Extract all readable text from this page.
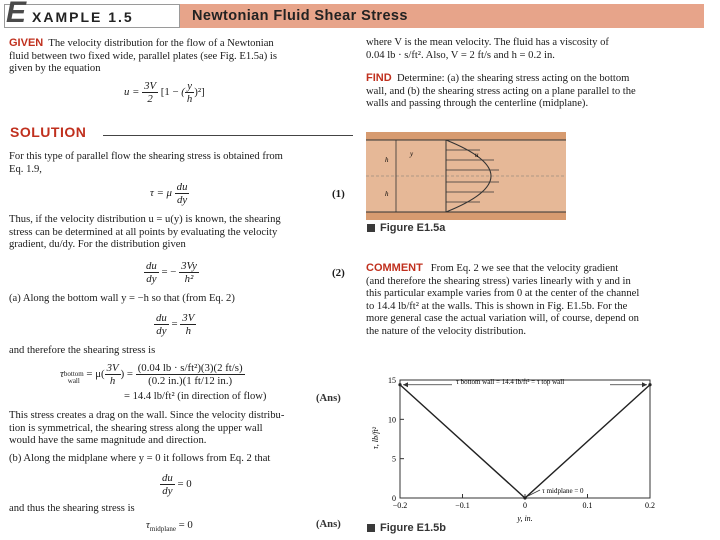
E XAMPLE 1.5	Newtonian Fluid Shear Stress
GIVEN The velocity distribution for the flow of a Newtonian
fluid between two fixed wide, parallel plates (see Fig. E1.5a) is
given by the equation
$u = \frac{3V}{2} [1$ − ( $\frac{y}{h} )^2$]
SOLUTION
For this type of parallel flow the shearing stress is obtained from
Eq. 1.9,
τ = μ $\frac{du}{dy}$	(1)
Thus, if the velocity distribution u = u(y) is known, the shearing
stress can be determined at all points by evaluating the velocity
gradient, du/dy. For the distribution given
$\frac{du}{dy}$ = − $\frac{3Vy}{\text{h²}}$	(2)
(a) Along the bottom wall y = −h so that (from Eq. 2)
$\frac{du}{dy} = \frac{3V}{h}$
and therefore the shearing stress is
τbottom
wall = $\mu( \frac{3V}{h}$ ) = $\frac{\text{(0.04 lb · s/ft²)(3)(2 ft/s)}}{(0.2 in.)(1 ft/12 in.)}$
= 14.4 lb/ft² (in direction of flow)	(Ans)
This stress creates a drag on the wall. Since the velocity distribu-
tion is symmetrical, the shearing stress along the upper wall
would have the same magnitude and direction.
(b) Along the midplane where y = 0 it follows from Eq. 2 that
$\frac{du}{dy} = 0$
and thus the shearing stress is
$\tau_{midplane} = 0$	(Ans)
where V is the mean velocity. The fluid has a viscosity of
0.04 lb · s/ft². Also, V = 2 ft/s and h = 0.2 in.
FIND Determine: (a) the shearing stress acting on the bottom
wall, and (b) the shearing stress acting on a plane parallel to the
walls and passing through the centerline (midplane).
h
h
y	u
Figure E1.5a
COMMENT From Eq. 2 we see that the velocity gradient
(and therefore the shearing stress) varies linearly with y and in
this particular example varies from 0 at the center of the channel
to 14.4 lb/ft² at the walls. This is shown in Fig. E1.5b. For the
more general case the actual variation will, of course, depend on
the nature of the velocity distribution.
−0.2	−0.1	0	0.1	0.2
0
5
10
15	τ bottom wall = 14.4 lb/ft² = τ top wall
τ midplane = 0
y, in.
τ, lb/ft²
Figure E1.5b
